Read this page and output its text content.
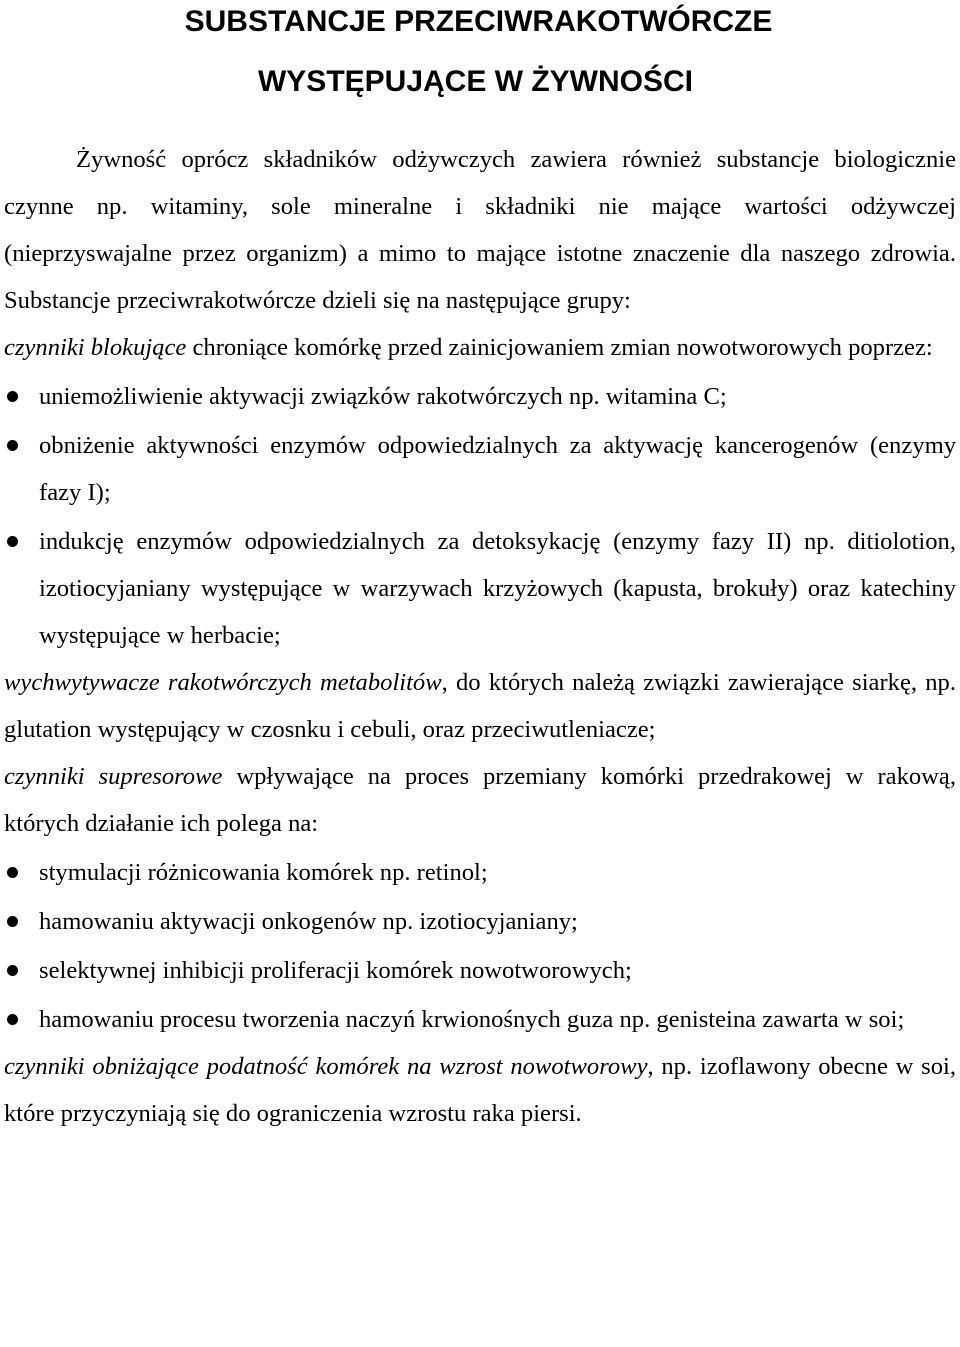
SUBSTANCJE PRZECIWRAKOTWÓRCZE
WYSTĘPUJĄCE W ŻYWNOŚCI

Żywność oprócz składników odżywczych zawiera również substancje biologicznie czynne np. witaminy, sole mineralne i składniki nie mające wartości odżywczej (nieprzyswajalne przez organizm) a mimo to mające istotne znaczenie dla naszego zdrowia. Substancje przeciwrakotwórcze dzieli się na następujące grupy:

czynniki blokujące chroniące komórkę przed zainicjowaniem zmian nowotworowych poprzez:

uniemożliwienie aktywacji związków rakotwórczych np. witamina C;
obniżenie aktywności enzymów odpowiedzialnych za aktywację kancerogenów (enzymy fazy I);
indukcję enzymów odpowiedzialnych za detoksykację (enzymy fazy II) np. ditiolotion, izotiocyjaniany występujące w warzywach krzyżowych (kapusta, brokuły) oraz katechiny występujące w herbacie;

wychwytywacze rakotwórczych metabolitów, do których należą związki zawierające siarkę, np. glutation występujący w czosnku i cebuli, oraz przeciwutleniacze;

czynniki supresorowe wpływające na proces przemiany komórki przedrakowej w rakową, których działanie ich polega na:

stymulacji różnicowania komórek np. retinol;
hamowaniu aktywacji onkogenów np. izotiocyjaniany;
selektywnej inhibicji proliferacji komórek nowotworowych;
hamowaniu procesu tworzenia naczyń krwionośnych guza np. genisteina zawarta w soi;

czynniki obniżające podatność komórek na wzrost nowotworowy, np. izoflawony obecne w soi, które przyczyniają się do ograniczenia wzrostu raka piersi.
